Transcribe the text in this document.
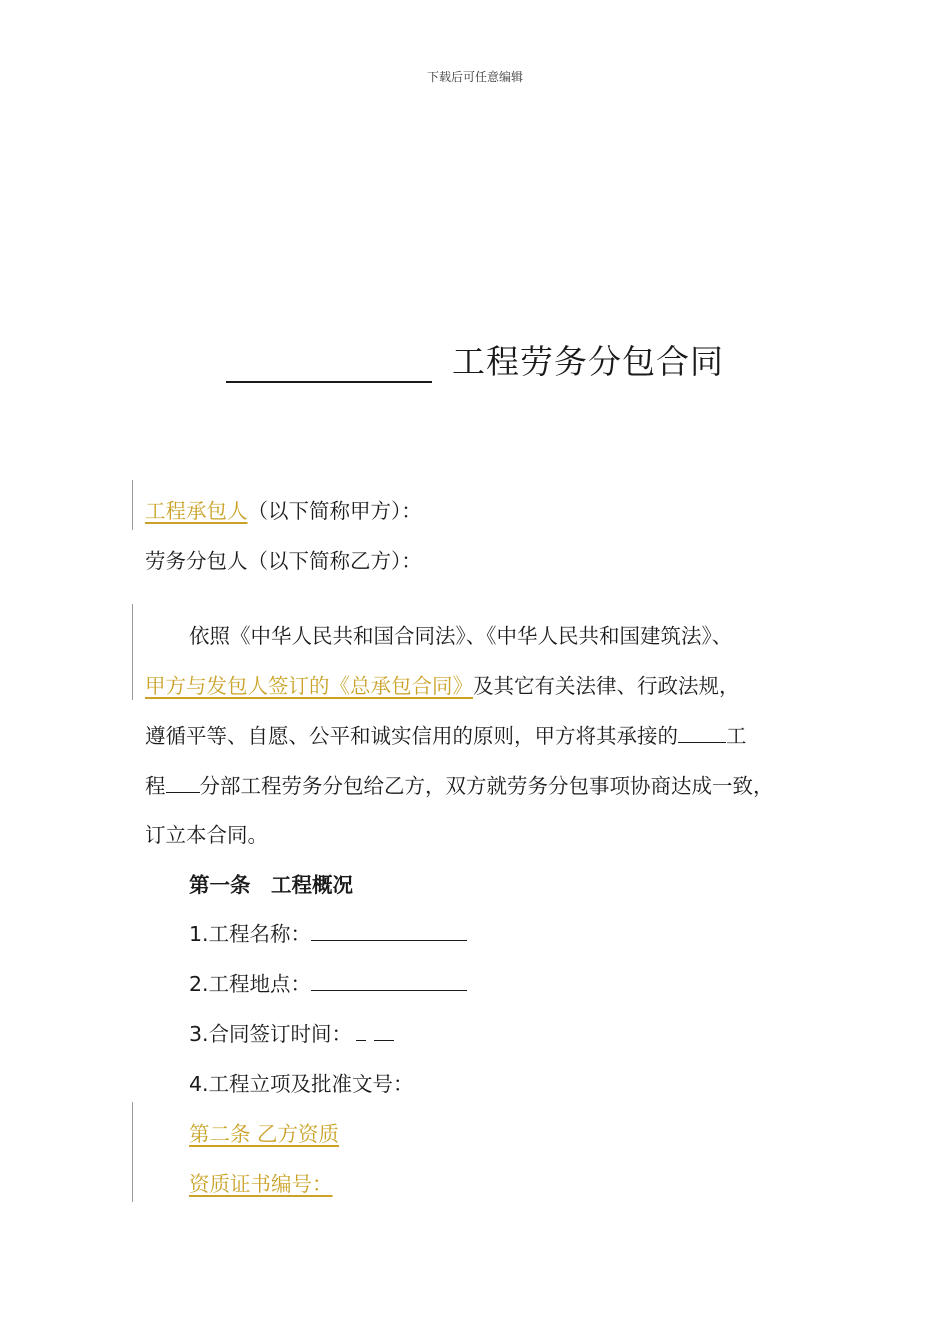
下载后可任意编辑
工程劳务分包合同
工程承包人（以下简称甲方）：
劳务分包人（以下简称乙方）：
依照《中华人民共和国合同法》、《中华人民共和国建筑法》、
甲方与发包人签订的《总承包合同》及其它有关法律、行政法规，
遵循平等、自愿、公平和诚实信用的原则，甲方将其承接的 工
程 分部工程劳务分包给乙方，双方就劳务分包事项协商达成一致，
订立本合同。
第一条　工程概况
1.工程名称：
2.工程地点：
3.合同签订时间：
4.工程立项及批准文号：
第二条 乙方资质
资质证书编号：
